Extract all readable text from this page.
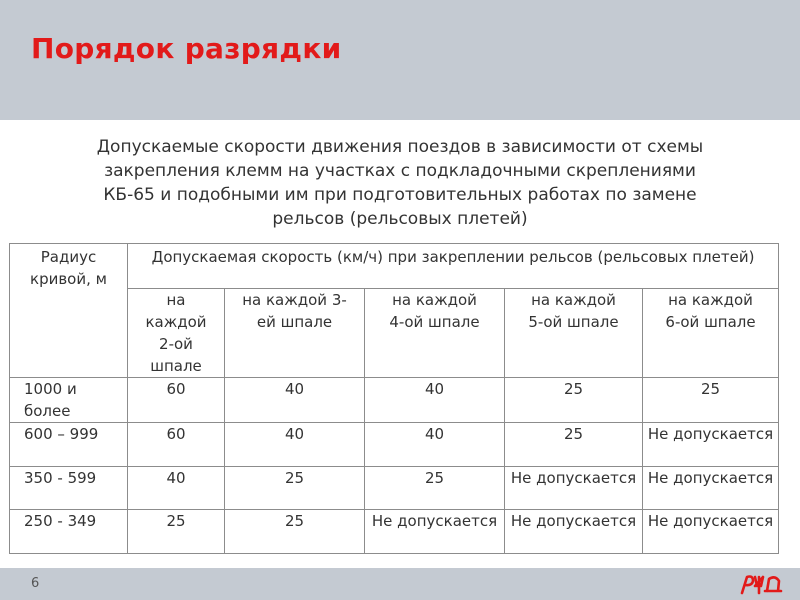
Порядок разрядки
Допускаемые скорости движения поездов в зависимости от схемы
закрепления клемм на участках с подкладочными скреплениями
КБ-65 и подобными им при подготовительных работах по замене
рельсов (рельсовых плетей)
Радиус кривой, м	Допускаемая скорость (км/ч) при закреплении рельсов (рельсовых плетей)				
	на каждой 2-ой шпале	на каждой 3-ей шпале	на каждой 4-ой шпале	на каждой 5-ой шпале	на каждой 6-ой шпале
1000 и более	60	40	40	25	25
600 – 999	60	40	40	25	Не допускается
350 - 599	40	25	25	Не допускается	Не допускается
250 - 349	25	25	Не допускается	Не допускается	Не допускается
6
